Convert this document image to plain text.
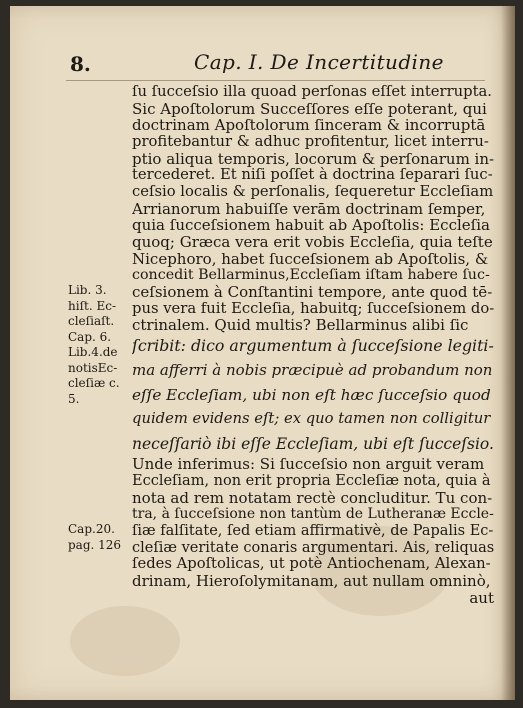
8.	Cap. I. De Incertitudine
Lib. 3.
hiſt. Ec-
cleſiaſt.
Cap. 6.
Lib.4.de
notisEc-
cleſiæ c.
5.
Cap.20.
pag. 126
ſu ſucceſsio illa quoad perſonas eſſet interrupta.
Sic Apoſtolorum Succeſſores eſſe poterant, qui
doctrinam Apoſtolorum ſinceram & incorruptā
profitebantur & adhuc profitentur, licet interru-
ptio aliqua temporis, locorum & perſonarum in-
tercederet. Et niſi poſſet à doctrina ſeparari ſuc-
ceſsio localis & perſonalis, ſequeretur Eccleſiam
Arrianorum habuiſſe verām doctrinam ſemper,
quia ſucceſsionem habuit ab Apoſtolis: Eccleſia
quoq; Græca vera erit vobis Eccleſia, quia teſte
Nicephoro, habet ſucceſsionem ab Apoſtolis, &
concedit Bellarminus,Eccleſiam iſtam habere ſuc-
ceſsionem à Conſtantini tempore, ante quod tē-
pus vera fuit Eccleſia, habuitq; ſucceſsionem do-
ctrinalem. Quid multis? Bellarminus alibi ſic
ſcribit: dico argumentum à ſucceſsione legiti-
ma afferri à nobis præcipuè ad probandum non
eſſe Eccleſiam, ubi non eſt hæc ſucceſsio quod
quidem evidens eſt; ex quo tamen non colligitur
neceſſariò ibi eſſe Eccleſiam, ubi eſt ſucceſsio.
Unde inferimus: Si ſucceſsio non arguit veram
Eccleſiam, non erit propria Eccleſiæ nota, quia à
nota ad rem notatam rectè concluditur. Tu con-
tra, à ſucceſsione non tantùm de Lutheranæ Eccle-
ſiæ falſitate, ſed etiam affirmativè, de Papalis Ec-
cleſiæ veritate conaris argumentari. Ais, reliquas
ſedes Apoſtolicas, ut potè Antiochenam, Alexan-
drinam, Hieroſolymitanam, aut nullam omninò,
aut
